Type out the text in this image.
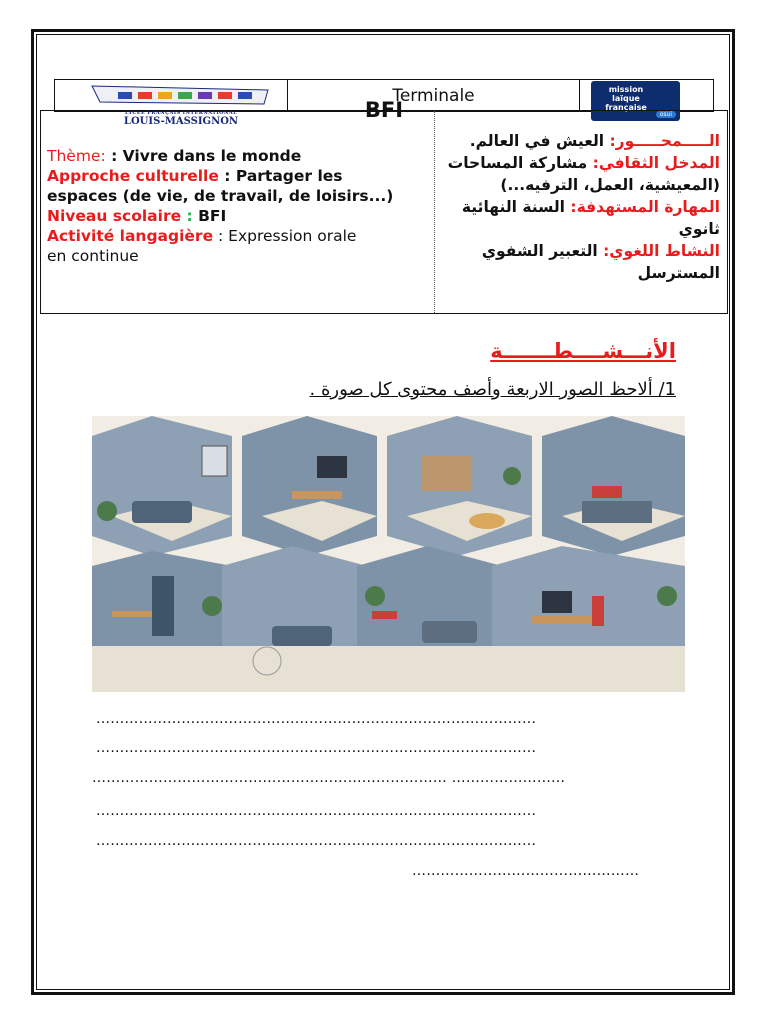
Terminale
LYCÉE FRANÇAIS INTERNATIONAL
LOUIS-MASSIGNON
mission
laïque
française
osui
BFI

Thème: : Vivre dans le monde

Approche culturelle : Partager les espaces (de vie, de travail, de loisirs...)

Niveau scolaire : BFI

Activité langagière : Expression orale

en continue

الـــــمحـــــور: العيش في العالم.

المدخل الثقافي: مشاركة المساحات (المعيشية، العمل، الترفيه...)

المهارة المستهدفة: السنة النهائية ثانوي

النشاط اللغوي: التعبير الشفوي المسترسل

الأنـــشــــطـــــــة
1/ ألاحظ الصور الاربعة وأصف محتوى كل صورة .
…………………………………………………………………………………
…………………………………………………………………………………
………………………………………………………………… ……………………
…………………………………………………………………………………
…………………………………………………………………………………
…………………………………………
